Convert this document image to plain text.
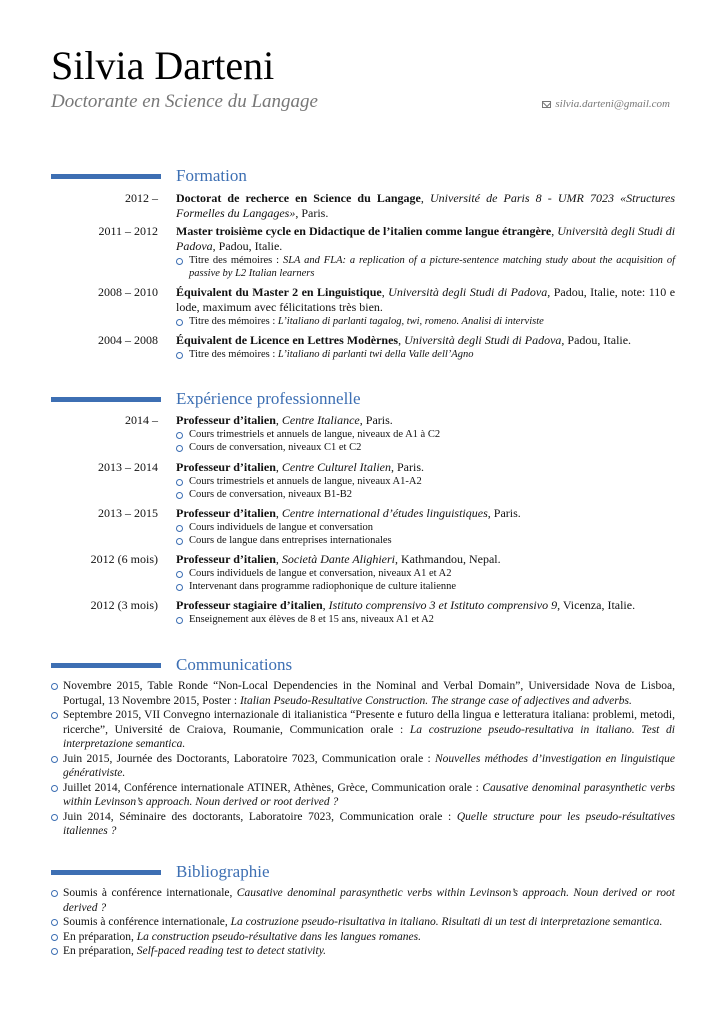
Silvia Darteni
Doctorante en Science du Langage	silvia.darteni@gmail.com
Formation
2012 – Doctorat de recherce en Science du Langage, Université de Paris 8 - UMR 7023 «Structures Formelles du Langages», Paris.
2011 – 2012 Master troisième cycle en Didactique de l’italien comme langue étrangère, Università degli Studi di Padova, Padou, Italie.
Titre des mémoires : SLA and FLA: a replication of a picture-sentence matching study about the acquisition of passive by L2 Italian learners
2008 – 2010 Équivalent du Master 2 en Linguistique, Università degli Studi di Padova, Padou, Italie, note: 110 e lode, maximum avec félicitations très bien.
Titre des mémoires : L’italiano di parlanti tagalog, twi, romeno. Analisi di interviste
2004 – 2008 Équivalent de Licence en Lettres Modèrnes, Università degli Studi di Padova, Padou, Italie.
Titre des mémoires : L’italiano di parlanti twi della Valle dell’Agno
Expérience professionnelle
2014 – Professeur d’italien, Centre Italiance, Paris.
Cours trimestriels et annuels de langue, niveaux de A1 à C2
Cours de conversation, niveaux C1 et C2
2013 – 2014 Professeur d’italien, Centre Culturel Italien, Paris.
Cours trimestriels et annuels de langue, niveaux A1-A2
Cours de conversation, niveaux B1-B2
2013 – 2015 Professeur d’italien, Centre international d’études linguistiques, Paris.
Cours individuels de langue et conversation
Cours de langue dans entreprises internationales
2012 (6 mois) Professeur d’italien, Società Dante Alighieri, Kathmandou, Nepal.
Cours individuels de langue et conversation, niveaux A1 et A2
Intervenant dans programme radiophonique de culture italienne
2012 (3 mois) Professeur stagiaire d’italien, Istituto comprensivo 3 et Istituto comprensivo 9, Vicenza, Italie.
Enseignement aux élèves de 8 et 15 ans, niveaux A1 et A2
Communications
Novembre 2015, Table Ronde “Non-Local Dependencies in the Nominal and Verbal Domain”, Universidade Nova de Lisboa, Portugal, 13 Novembre 2015, Poster : Italian Pseudo-Resultative Construction. The strange case of adjectives and adverbs.
Septembre 2015, VII Convegno internazionale di italianistica “Presente e futuro della lingua e letteratura italiana: problemi, metodi, ricerche”, Université de Craiova, Roumanie, Communication orale : La costruzione pseudo-resultativa in italiano. Test di interpretazione semantica.
Juin 2015, Journée des Doctorants, Laboratoire 7023, Communication orale : Nouvelles méthodes d’investigation en linguistique générativiste.
Juillet 2014, Conférence internationale ATINER, Athènes, Grèce, Communication orale : Causative denominal parasynthetic verbs within Levinson’s approach. Noun derived or root derived ?
Juin 2014, Séminaire des doctorants, Laboratoire 7023, Communication orale : Quelle structure pour les pseudo-résultatives italiennes ?
Bibliographie
Soumis à conférence internationale, Causative denominal parasynthetic verbs within Levinson’s approach. Noun derived or root derived ?
Soumis à conférence internationale, La costruzione pseudo-risultativa in italiano. Risultati di un test di interpretazione semantica.
En préparation, La construction pseudo-résultative dans les langues romanes.
En préparation, Self-paced reading test to detect stativity.
